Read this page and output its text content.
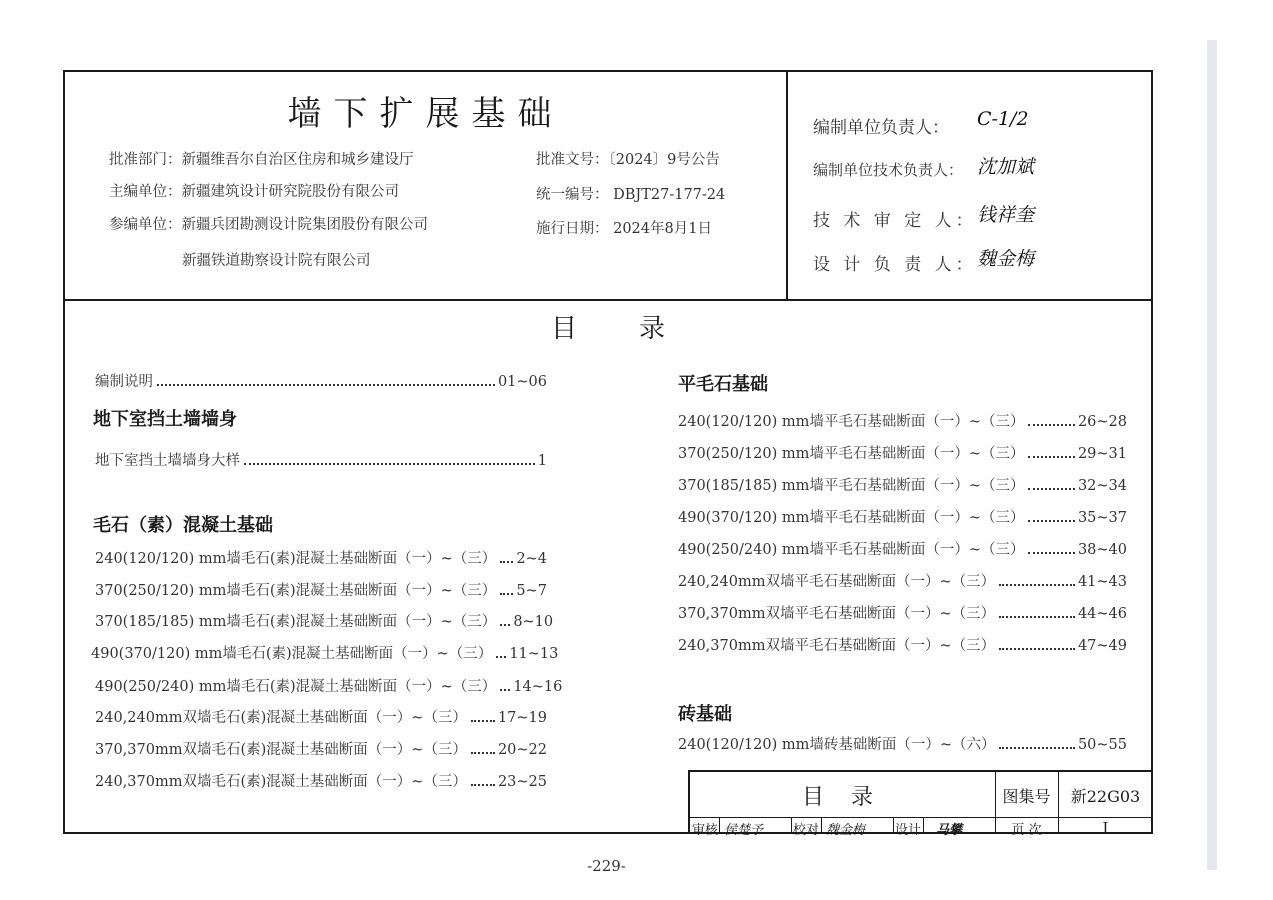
墙下扩展基础
批准部门：新疆维吾尔自治区住房和城乡建设厅
主编单位：新疆建筑设计研究院股份有限公司
参编单位：新疆兵团勘测设计院集团股份有限公司
新疆铁道勘察设计院有限公司
批准文号：〔2024〕9号公告
统一编号： DBJT27-177-24
施行日期： 2024年8月1日
编制单位负责人： C-1/2
编制单位技术负责人： 沈加斌
技 术 审 定 人： 钱祥奎
设 计 负 责 人： 魏金梅
目录
编制说明	01~06
地下室挡土墙墙身
地下室挡土墙墙身大样	1
毛石（素）混凝土基础
240(120/120) mm墙毛石(素)混凝土基础断面（一）~（三） 2~4
370(250/120) mm墙毛石(素)混凝土基础断面（一）~（三） 5~7
370(185/185) mm墙毛石(素)混凝土基础断面（一）~（三） 8~10
490(370/120) mm墙毛石(素)混凝土基础断面（一）~（三） 11~13
490(250/240) mm墙毛石(素)混凝土基础断面（一）~（三） 14~16
240,240mm双墙毛石(素)混凝土基础断面（一）~（三） 17~19
370,370mm双墙毛石(素)混凝土基础断面（一）~（三） 20~22
240,370mm双墙毛石(素)混凝土基础断面（一）~（三） 23~25
平毛石基础
240(120/120) mm墙平毛石基础断面（一）~（三）	26~28
370(250/120) mm墙平毛石基础断面（一）~（三）	29~31
370(185/185) mm墙平毛石基础断面（一）~（三）	32~34
490(370/120) mm墙平毛石基础断面（一）~（三）	35~37
490(250/240) mm墙平毛石基础断面（一）~（三）	38~40
240,240mm双墙平毛石基础断面（一）~（三）	41~43
370,370mm双墙平毛石基础断面（一）~（三）	44~46
240,370mm双墙平毛石基础断面（一）~（三）	47~49
砖基础
240(120/120) mm墙砖基础断面（一）~（六）	50~55
目 录	图集号	新22G03
审核 侯楚予 校对 魏金梅 设计 马攀	页 次	I
-229-
